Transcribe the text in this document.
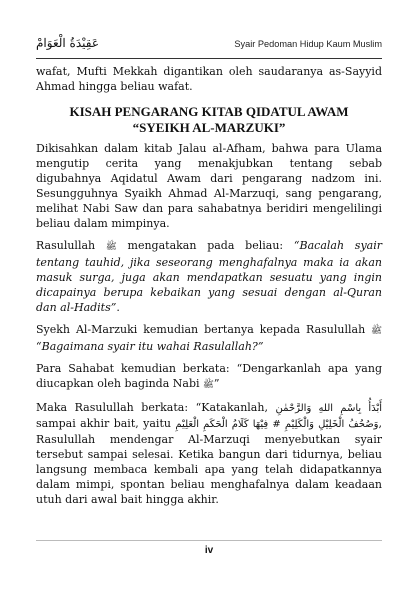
عَقِيْدَةُ الْعَوَامْ	Syair Pedoman Hidup Kaum Muslim

wafat, Mufti Mekkah digantikan oleh saudaranya as-Sayyid Ahmad hingga beliau wafat.

KISAH PENGARANG KITAB QIDATUL AWAM
“SYEIKH AL-MARZUKI”

Dikisahkan dalam kitab Jalau al-Afham, bahwa para Ulama mengutip cerita yang menakjubkan tentang sebab digubahnya Aqidatul Awam dari pengarang nadzom ini. Sesungguhnya Syaikh Ahmad Al-Marzuqi, sang pengarang, melihat Nabi Saw dan para sahabatnya beridiri mengelilingi beliau dalam mimpinya.

Rasulullah ﷺ mengatakan pada beliau: “Bacalah syair tentang tauhid, jika seseorang menghafalnya maka ia akan masuk surga, juga akan mendapatkan sesuatu yang ingin dicapainya berupa kebaikan yang sesuai dengan al-Quran dan al-Hadits”.

Syekh Al-Marzuki kemudian bertanya kepada Rasulullah ﷺ “Bagaimana syair itu wahai Rasulallah?”

Para Sahabat kemudian berkata: “Dengarkanlah apa yang diucapkan oleh baginda Nabi ﷺ”

Maka Rasulullah berkata: “Katakanlah, أَبْدَأُ بِاسْمِ اللهِ وَالرَّحْمٰنِ sampai akhir bait, yaitu وَصُحُفُ الْخَلِيْلِ وَالْكَلِيْمِ # فِيْهَا كَلَامُ الْحَكَمِ الْعَلِيْمِ, Rasulullah mendengar Al-Marzuqi menyebutkan syair tersebut sampai selesai. Ketika bangun dari tidurnya, beliau langsung membaca kembali apa yang telah didapatkannya dalam mimpi, spontan beliau menghafalnya dalam keadaan utuh dari awal bait hingga akhir.

iv
